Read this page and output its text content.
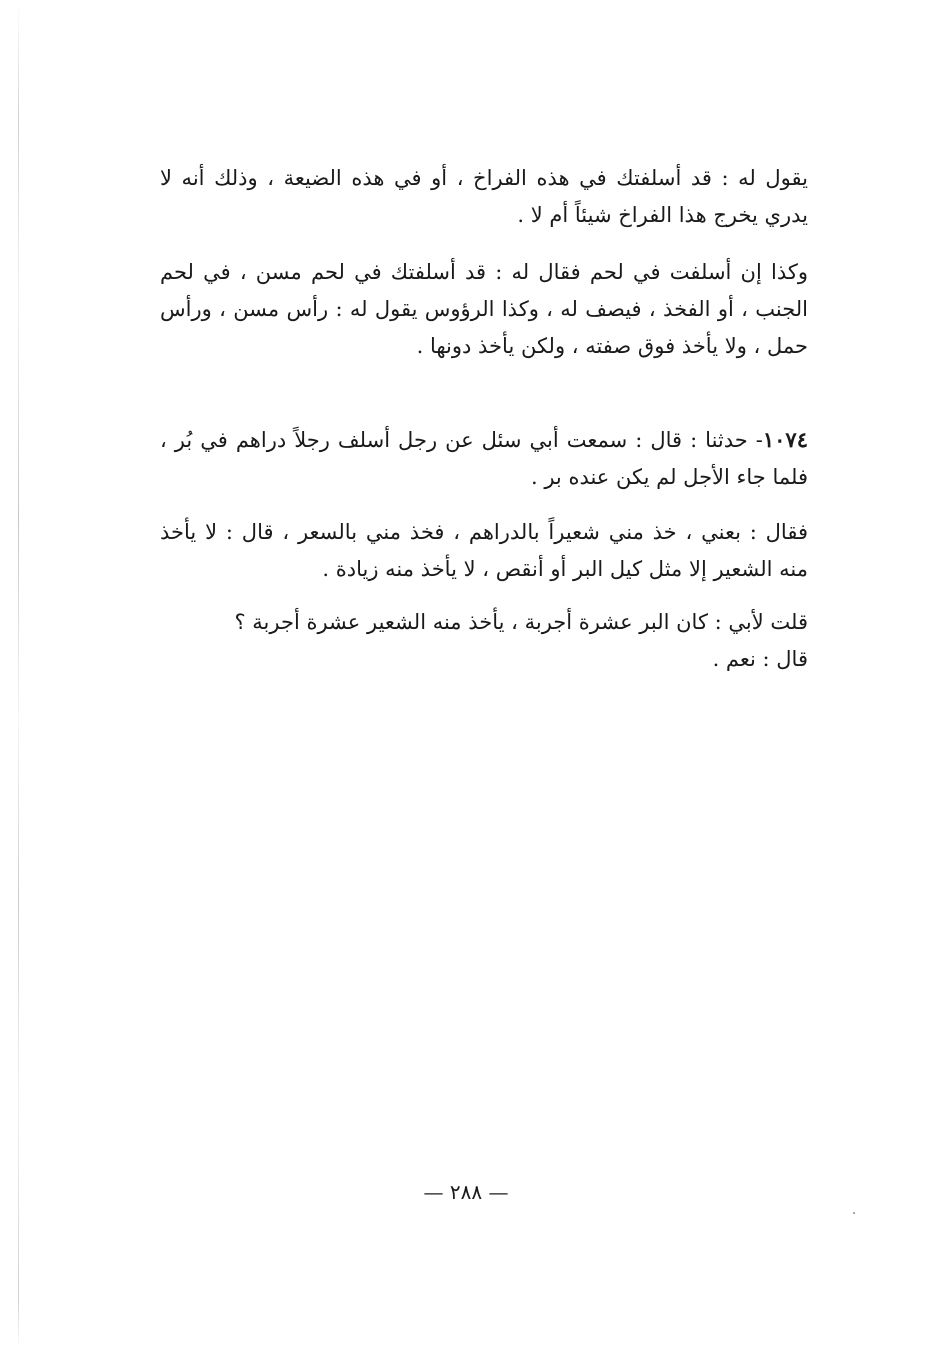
يقول له : قد أسلفتك في هذه الفراخ ، أو في هذه الضيعة ، وذلك أنه لا يدري يخرج هذا الفراخ شيئاً أم لا .

وكذا إن أسلفت في لحم فقال له : قد أسلفتك في لحم مسن ، في لحم الجنب ، أو الفخذ ، فيصف له ، وكذا الرؤوس يقول له : رأس مسن ، ورأس حمل ، ولا يأخذ فوق صفته ، ولكن يأخذ دونها .

١٠٧٤- حدثنا : قال : سمعت أبي سئل عن رجل أسلف رجلاً دراهم في بُر ، فلما جاء الأجل لم يكن عنده بر .

فقال : بعني ، خذ مني شعيراً بالدراهم ، فخذ مني بالسعر ، قال : لا يأخذ منه الشعير إلا مثل كيل البر أو أنقص ، لا يأخذ منه زيادة .

قلت لأبي : كان البر عشرة أجربة ، يأخذ منه الشعير عشرة أجربة ؟

قال : نعم .

— ٢٨٨ —
